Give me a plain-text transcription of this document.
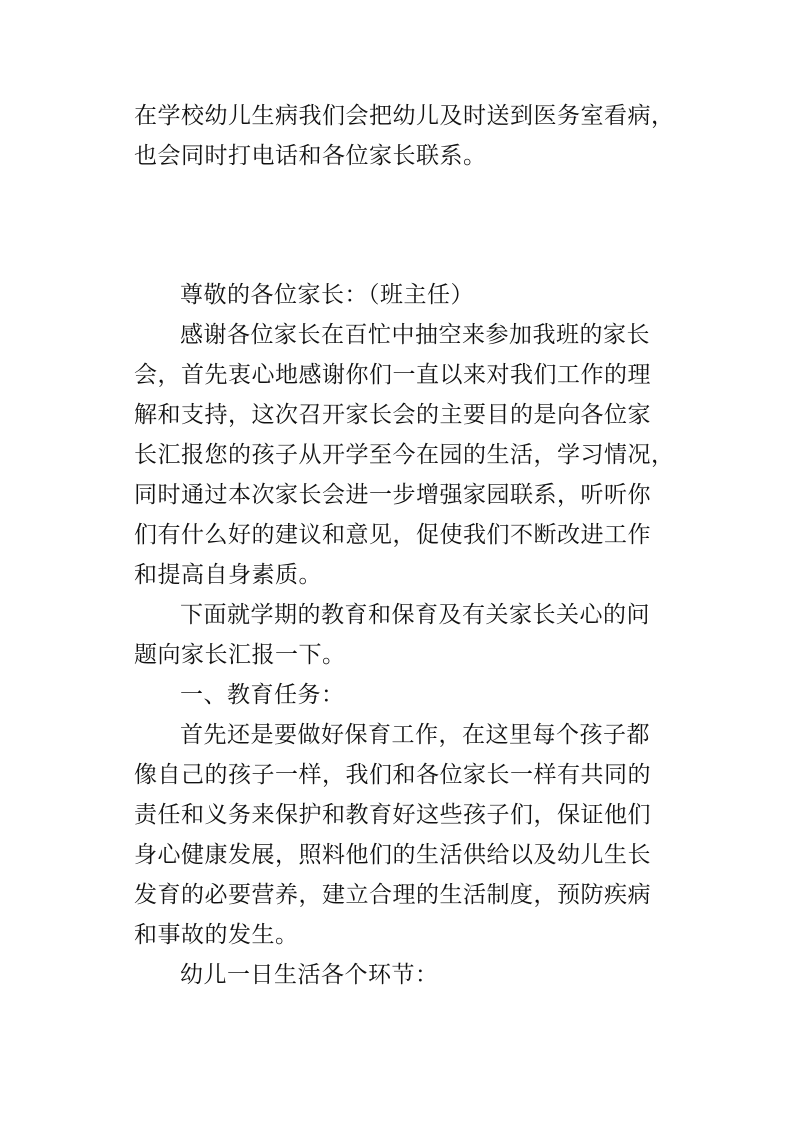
在学校幼儿生病我们会把幼儿及时送到医务室看病，
也会同时打电话和各位家长联系。
尊敬的各位家长：（班主任）
感谢各位家长在百忙中抽空来参加我班的家长
会，首先衷心地感谢你们一直以来对我们工作的理
解和支持，这次召开家长会的主要目的是向各位家
长汇报您的孩子从开学至今在园的生活，学习情况，
同时通过本次家长会进一步增强家园联系，听听你
们有什么好的建议和意见，促使我们不断改进工作
和提高自身素质。
下面就学期的教育和保育及有关家长关心的问
题向家长汇报一下。
一、教育任务：
首先还是要做好保育工作，在这里每个孩子都
像自己的孩子一样，我们和各位家长一样有共同的
责任和义务来保护和教育好这些孩子们，保证他们
身心健康发展，照料他们的生活供给以及幼儿生长
发育的必要营养，建立合理的生活制度，预防疾病
和事故的发生。
幼儿一日生活各个环节：
